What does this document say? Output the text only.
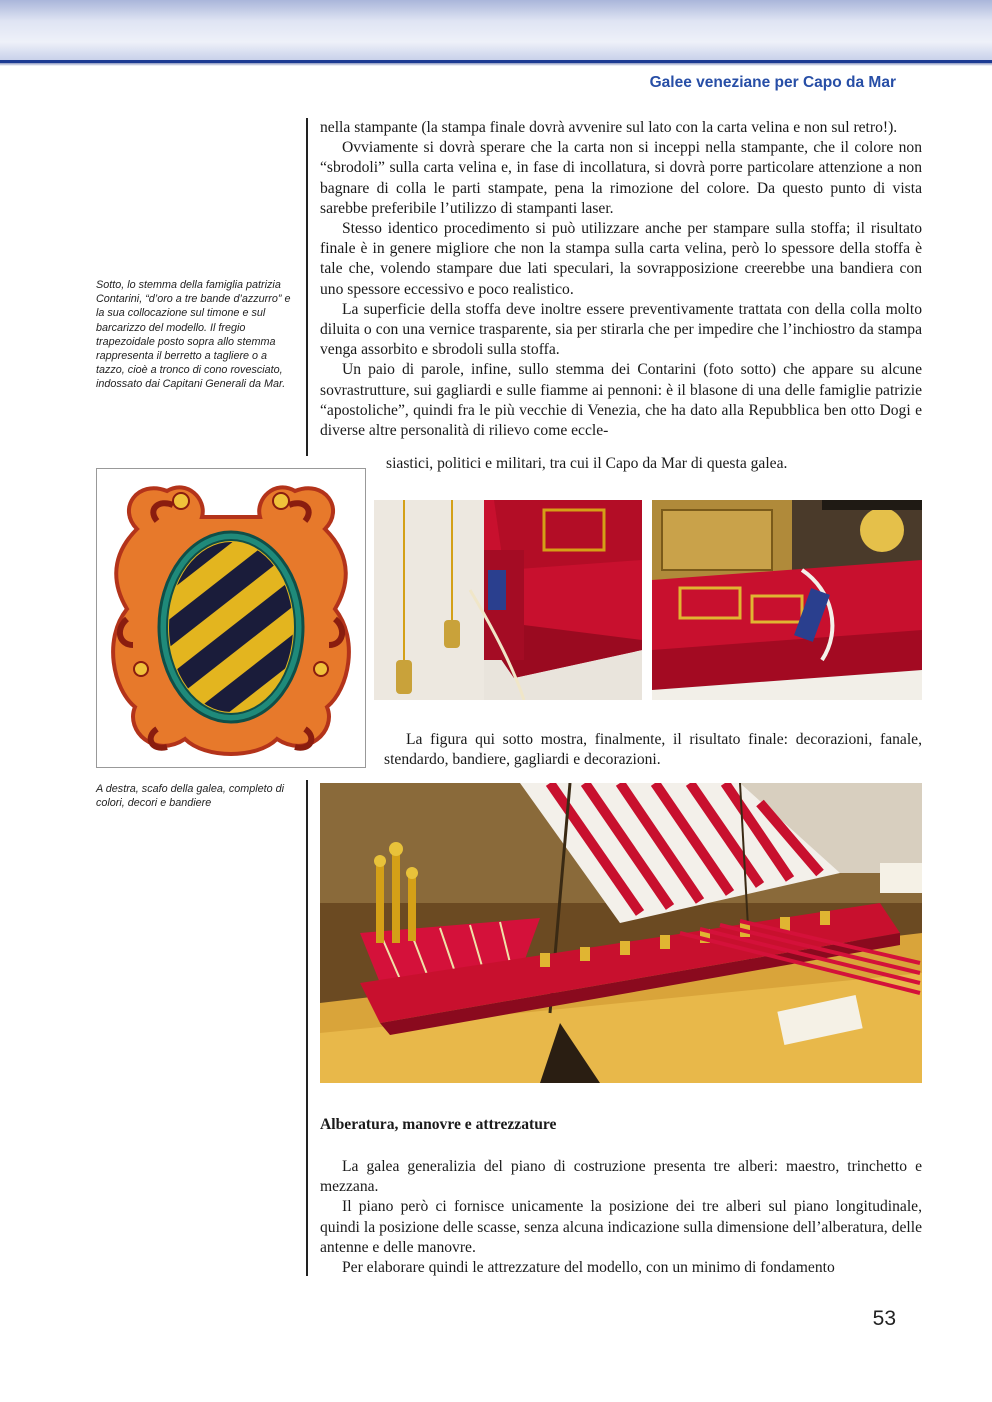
Galee veneziane per Capo da Mar

nella stampante (la stampa finale dovrà avvenire sul lato con la carta velina e non sul retro!).

Ovviamente si dovrà sperare che la carta non si inceppi nella stampante, che il colore non “sbrodoli” sulla carta velina e, in fase di incollatura, si dovrà porre particolare attenzione a non bagnare di colla le parti stampate, pena la rimozione del colore. Da questo punto di vista sarebbe preferibile l’utilizzo di stampanti laser.

Stesso identico procedimento si può utilizzare anche per stampare sulla stoffa; il risultato finale è in genere migliore che non la stampa sulla carta velina, però lo spessore della stoffa è tale che, volendo stampare due lati speculari, la sovrapposizione creerebbe una bandiera con uno spessore eccessivo e poco realistico.

La superficie della stoffa deve inoltre essere preventivamente trattata con della colla molto diluita o con una vernice trasparente, sia per stirarla che per impedire che l’inchiostro da stampa venga assorbito e sbrodoli sulla stoffa.

Un paio di parole, infine, sullo stemma dei Contarini (foto sotto) che appare su alcune sovrastrutture, sui gagliardi e sulle fiamme ai pennoni: è il blasone di una delle famiglie patrizie “apostoliche”, quindi fra le più vecchie di Venezia, che ha dato alla Repubblica ben otto Dogi e diverse altre personalità di rilievo come eccle-

siastici, politici e militari, tra cui il Capo da Mar di questa galea.
Sotto, lo stemma della famiglia patrizia Contarini, “d’oro a tre bande d’azzurro” e la sua collocazione sul timone e sul barcarizzo del modello. Il fregio trapezoidale posto sopra allo stemma rappresenta il berretto a tagliere o a tazzo, cioè a tronco di cono rovesciato, indossato dai Capitani Generali da Mar.

La figura qui sotto mostra, finalmente, il risultato finale: decorazioni, fanale, stendardo, bandiere, gagliardi e decorazioni.

A destra, scafo della galea, completo di colori, decori e bandiere
Alberatura, manovre e attrezzature

La galea generalizia del piano di costruzione presenta tre alberi: maestro, trinchetto e mezzana.

Il piano però ci fornisce unicamente la posizione dei tre alberi sul piano longitudinale, quindi la posizione delle scasse, senza alcuna indicazione sulla dimensione dell’alberatura, delle antenne e delle manovre.

Per elaborare quindi le attrezzature del modello, con un minimo di fondamento

53
